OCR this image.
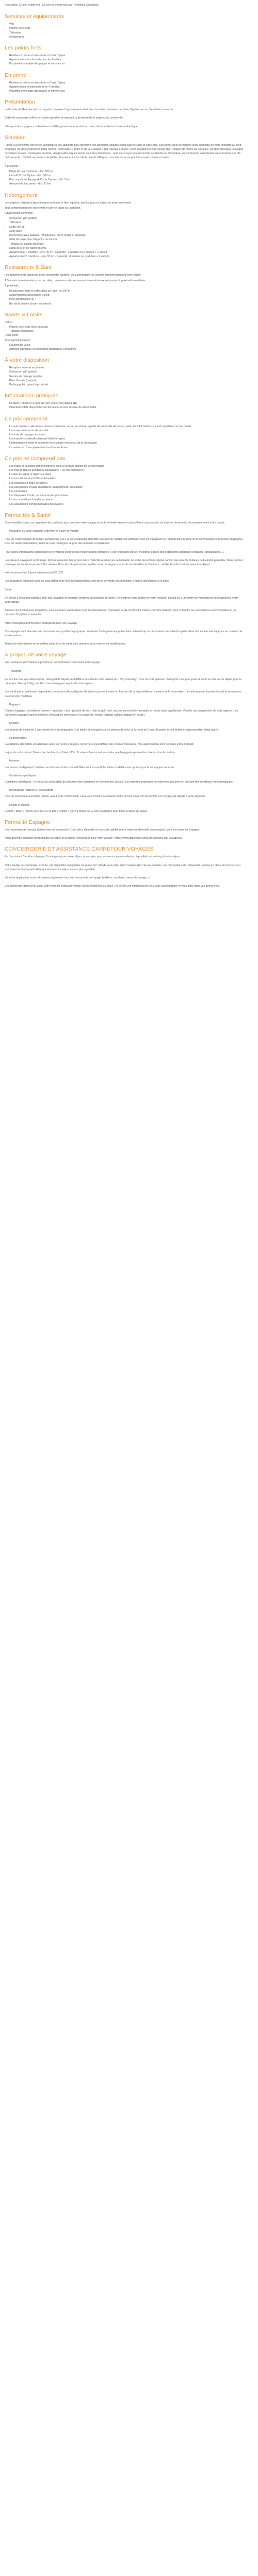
Description Ce prix comprend : Ce prix ne comprend pas Formalités Consignes
Services et équipements
• Wifi
• Piscine extérieure
• Télévision
• Conciergerie
Les points forts
• Résidence calme et bien située à Coste Tigane
• Appartements fonctionnels pour les familles
• Proximité immédiate des plages et commerces
En omne
• Résidence calme et bien située à Costa Tigane
• Appartements fonctionnels et en 4 familles
• Proximité immédiate des plages et commerces
Présentation

La Frontier de Guardian ] et sa un petit complexe d'appartements situé dans la station balnéaire de Costa Tiguise, sur la côte est de Lanzarote.

Dotée de nombreux coffrets en cadre agréable et reposant, à proximité de la plage et du centre-ville.

Idéal pour les voyageurs recherchant un hébergement indépendant au coeur d'une ambiance locale authentique.

Situation

Partez à la rencontre des terres volcaniques de Lanzarote pour découvrir des paysages lunaires et par sous terrains et sans cinq. Son climat doux permanent vous permettra de vous détendre au bord de plages vierges ensoleillées toute l'année. Découvrez » marin et de la Graciosa » par l'oiseau à souris. Partir au naturel et son oeuvre d'art : plages de toutes les couleurs, vergers sauvages, élevages de vaches de race, montagnes lunaires, villages pittoresques écrins dans les patrimoines... Que vous soyez à la recherche de détente ou d'aventure, vous trouverez assurément votre bonheur sur l'île de Lanzarote. L'île fait une séance de pêche, étonnement à l'est de la côte de l'Afrique, vous émouvrez au point du nouvel univers et marin.

À proximité :

• Plage de Las Cucharas - dist. 500 m
• Lieu-dit Costa Tiguise - dist. 300 m
• Parc aquatique Aquapark Costa Tiguise - dist. 2 km
• Aéroport de Lanzarote - dist. 11 km
Hébergement

Le complexe dispose d'appartements lumineux et bien équipés, parfaits pour un séjour en toute autonomie.

Tous comprennent une kitchenette et une terrasse ou un balcon.

Équipements communs :

• Connexion Wifi gratuite
• Télévision
• Coffre-fort (€)
• Coin salon
• Kitchenette avec plaques, réfrigérateur, micro-ondes et cafetière.
• Salle de bains avec baignoire ou douche
• Terrasse ou balcon aménagé
• Linge de lit et de toilette fournis
• Appartement 1 chambre - env. 45 m² - Capacité : 3 adultes ou 2 adultes + 1 enfant
• Appartement 2 chambres - env. 55 m² - Capacité : 4 adultes ou 2 adultes + 2 enfants
Restaurants & Bars

Les appartements disposent d'une kitchenette équipée, vous permettant de cuisiner librement pendant votre séjour.

À 5 à rues de restauration sont de cafés, commerces des restaurants internationaux se trouvent à proximité immédiate.

À proximité :

• Restaurants, bars et cafés dans un rayon de 200 m
• Supermarchés accessibles à pied
• Pour participation (€) :
• Bar de la piscine (ouvert en saison)
Sports & Loisirs

Inclus :

• Piscine extérieure avec solarium
• Transats et parasols

Relax point

Avec participation (€) :

• Location de vélos
• Activités nautiques et excursions disponibles à proximité
À votre disposition
• Réception ouverte en journée
• Connexion Wifi gratuite
• Service de ménage régulier
• Blanchisserie (payant)
• Parking public gratuit à proximité
Informations pratiques
• Horaires : check-in à partir de 15h, check-out jusqu'à 11h
• Chambres PMR disponibles sur demande et sous réserve de disponibilité
Ce prix comprend
• Le vols réguliers, aller/retour de/vers Lanzarote, sur un vol charter à partir de votre ville de départ, selon les informations sur vols régulières ou des ouvert
• Les taxes aéroport et de sécurité
• Les frais de bagages en soute
• Les transferts collectifs aéroport-hôtel-aéroport
• L'hébergement selon la catégorie de chambre choisie ou de la réservation
• La présence d'un représentant local francophone
Ce prix ne comprend pas
• Les repas et boissons non mentionnés dans la formule choisie de la réservation
• Les frais pratiqués pendant la paragraphe « Le prix comprend »
• La taxe de séjour à régler sur place
• Les excursions et activités optionnelles
• Les dépenses d'ordre personnel
• Les assurances voyage (assistance, rapatriement, annulation)
• Les pourboires
• Les dépenses d'ordre personnel et les pourboires
• La taxe touristique à régler sur place
• Les assurances complémentaires facultatives
Formalités & Santé

Nous travaillons avec un organisme de confiance pour préparer votre voyage en toute sérénité. Assurez-vous d'être en possession de tous les documents nécessaires avant votre départ.

• Passeport ou carte nationale d'identité en cours de validité.

Pour les ressortissants de l'Union européenne (UE), la carte nationale d'identité en cours de validité est suffisante pour les voyageurs se rendant dans la zone de la communauté européenne (Espagne). Pour les autres nationalités, merci de vous renseigner auprès des autorités compétentes.

Pour toutes informations concernant les formalités d'entrée des ressortissants étrangers, il est nécessaire de se renseigner auprès des organismes adéquats (consulats, ambassades...).

Les mineurs voyageant à l'étranger, doivent présenter leur propre pièce d'identité ainsi qu'une autorisation de sortie du territoire signée par l'un des parents titulaires de l'autorité parentale. Sans quoi les passages de frontières peuvent être refusés. Pour plus de précisions, veuillez vous renseigner sur le site du ministère de l'Intérieur : vérifier les informations avant tout départ.

www.service-public.fr/particuliers/vosdroits/F1922

Les passagers en transit dans un pays différent de leur destination finale sont priés de vérifier les formalités d'entrée spécifiques à ce pays.

Santé

Un séjour à l'étranger implique pour tout voyageur de prendre certaines précautions de santé. Renseignez-vous auprès de votre médecin traitant ou d'un centre de vaccinations internationales avant votre départ.

Aucune vaccination n'est obligatoire, mais certaines vaccinations sont recommandées. Consultez le site de l'Institut Pasteur ou votre médecin pour connaître les vaccinations recommandées et les mesures d'hygiène à respecter.

https://www.pasteur.fr/fr/centre-medical/preparer-son-voyage/

Nos voyages sont réservés aux personnes sans problème physique ou mental. Toute personne présentant un handicap ou nécessitant une attention particulière doit en informer l'agence au moment de la réservation.

Toutes les informations de formalités d'entrée et de santé sont données sous réserve de modifications.

À propos de votre voyage

Voici quelques informations à prendre en considération concernant votre voyage.

• Transport

En fonction des vols sélectionnés, l'aéroport de départ peut différer de celui de votre arrivée (ex : Orly et Roissy). Pour les vols spéciaux, l'aéroport mais pour pourrait avoir la ou le vol de départ pour le retour (ex : Roissy / Orly), veuillez vous renseigner auprès de votre agence.

Les vol et prix actuellement disponibles, dépendent des catégories de tarifs et peuvent varier en fonction de la disponibilité au moment de la réservation. Les informations fournies lors de la réservation pourront être modifiées.

• Bagages :

Certains bagages, considérés comme « spéciaux » (ex : planche de surf, club de golf, vélo, etc.) ne peuvent être acceptés en soute sans supplément. Veuillez vous rapprocher de votre agence. Les franchises bagages varient selon les compagnies aériennes et la classe de voyage (bagage cabine, bagage en soute).

• Enfants :

Les enfants de moins de 2 ans doivent être accompagnés d'un adulte et voyagent sur les genoux de celui-ci. Au-delà de 2 ans, ils paient le tarif enfant et disposent d'un siège attitré.

• Hébergement :

La catégorie des hôtels est attribuée selon les normes du pays concerné et peut différer des normes françaises. Nos appréciations sont données à titre indicatif.

Le jour de votre départ, l'heure de check-out est fixée à 11h. Si votre vol retour est en soirée, une bagagerie pourra être mise à votre disposition.

• Horaires :

Les heures de départ et d'arrivée sont données à titre indicatif. Elles sont susceptibles d'être modifiées sans préavis par la compagnie aérienne.

• Conditions spécifiques :

Conditions climatiques : le climat est susceptible de présenter des variations en fonction des saisons. Les activités proposées peuvent être annulées en fonction des conditions météorologiques.

• Informations relatives à l'accessibilité

Pour les personnes à mobilité réduite, avant toute confirmation, nous vous invitons à contacter notre service client afin de vérifier si le voyage est adapté à votre situation.

• Enfant et enfants

Le tarif « bébé » (moins de 2 ans) ou le tarif « enfant » (de 2 à moins de 12 ans) s'applique pour toute la durée du séjour.

Formalité Espagne

Les ressortissants français doivent être en possession d'une pièce d'identité en cours de validité (carte nationale d'identité ou passeport) pour se rendre en Espagne.

Nous pouvons consulter les formalités de santé et de police nécessaires pour votre voyage : https://www.diplomatie.gouv.fr/fr/conseils-aux-voyageurs/

CONCIERGERIE ET ASSISTANCE CARREFOUR VOYAGES

En choisissant Carrefour Voyages Conciergerie pour votre séjour, nous optez pour un service personnalisé et disponible tout au long de votre séjour.

Notre équipe de concierges, experte, est disponible et joignable sur place 7j/7, afin de vous aider dans l'organisation de vos activités, vos réservations de restaurants, la mise en place de transferts ou tout autre demande particulière qui rendra votre séjour encore plus agréable.

Via notre application, vous retrouverez également tous vos documents de voyage (e-billets, vouchers, carnet de voyage...).

Les concierges demeurent aussi votre point de contact privilégié en cas d'imprévu sur place : ils seront vos interlocuteurs pour vous accompagner et vous aider dans vos démarches.
